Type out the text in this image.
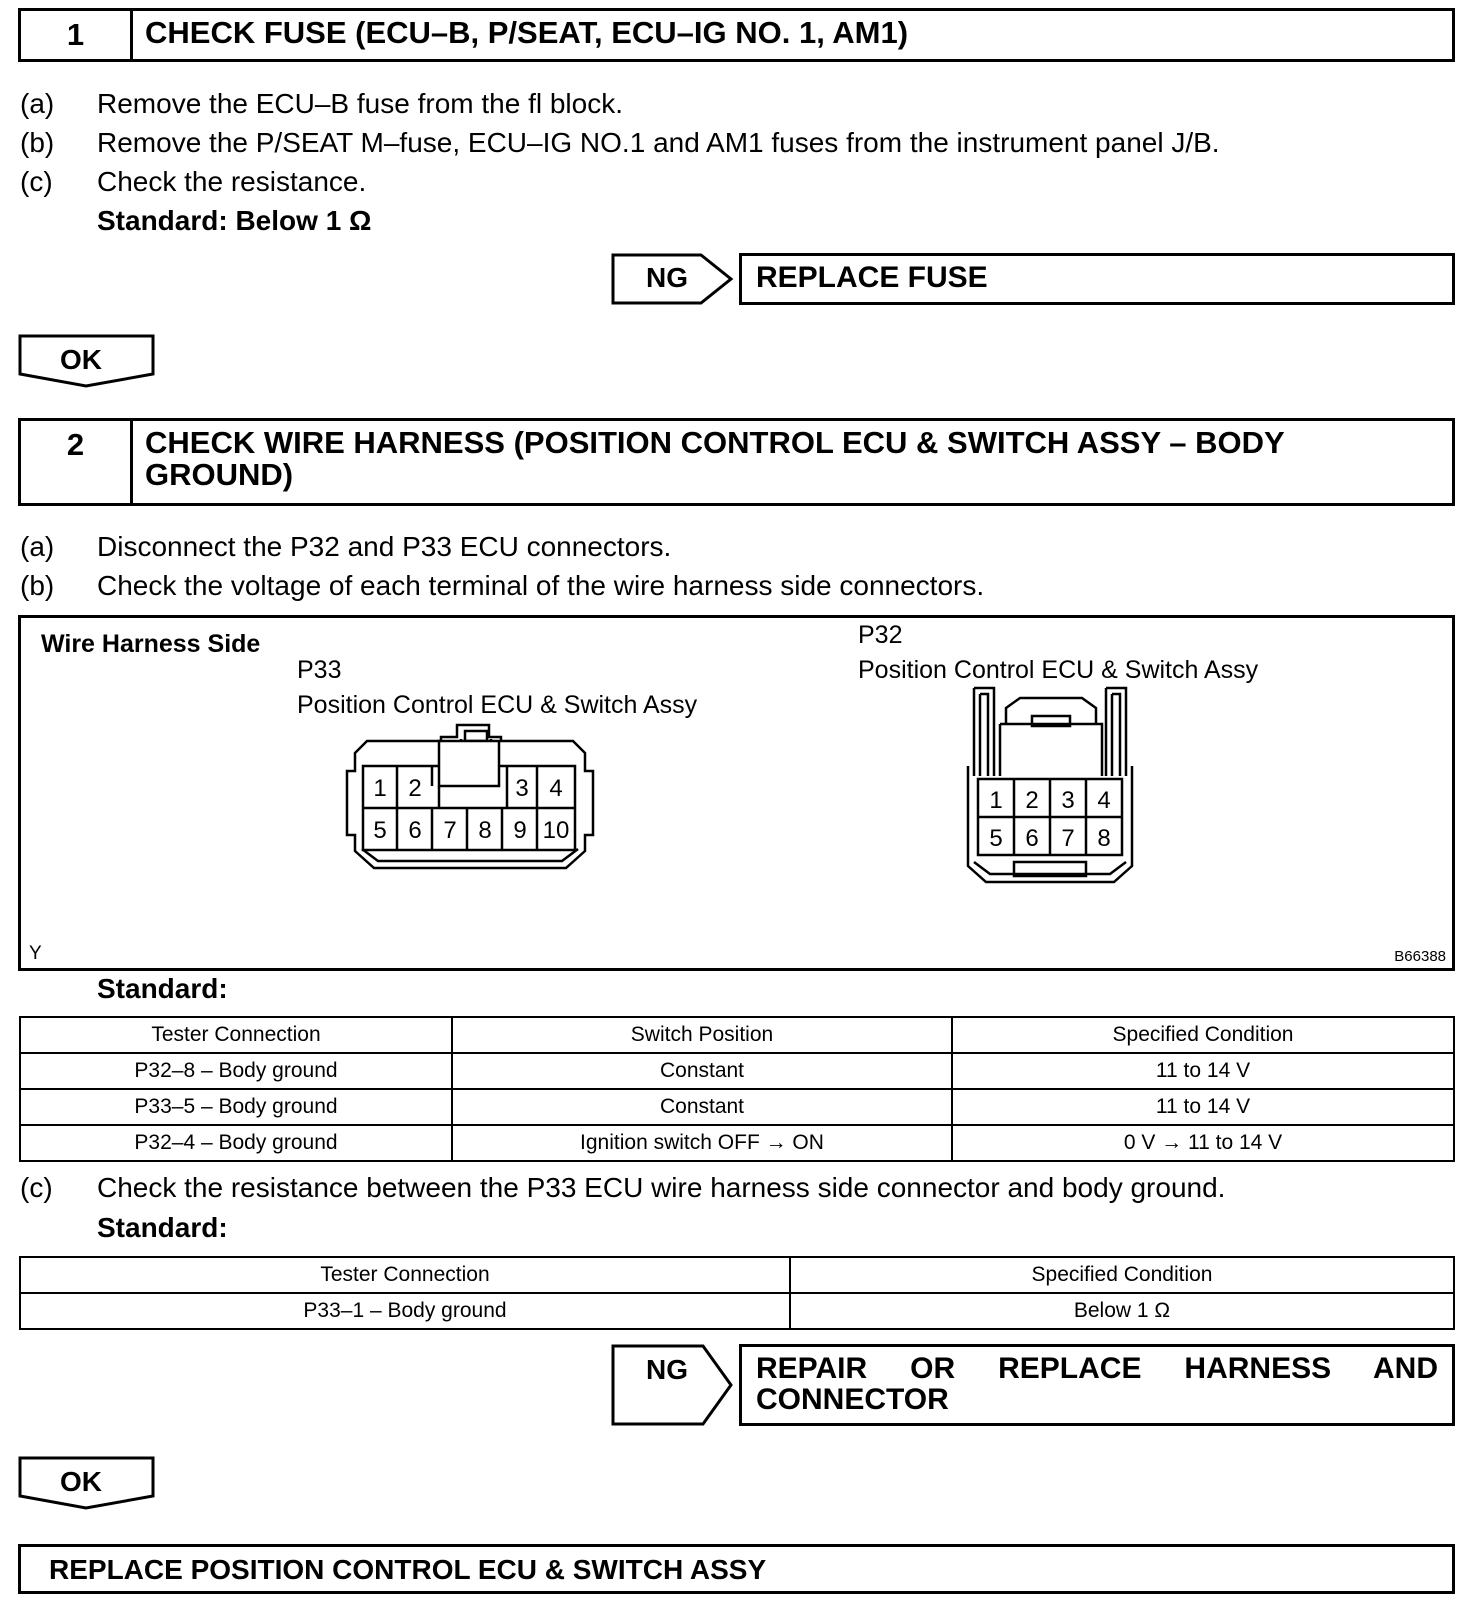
1	CHECK FUSE (ECU–B, P/SEAT, ECU–IG NO. 1, AM1)
(a) Remove the ECU–B fuse from the fl block.
(b) Remove the P/SEAT M–fuse, ECU–IG NO.1 and AM1 fuses from the instrument panel J/B.
(c) Check the resistance.
Standard: Below 1 Ω
NG	REPLACE FUSE
OK
2	CHECK WIRE HARNESS (POSITION CONTROL ECU & SWITCH ASSY – BODY GROUND)
(a) Disconnect the P32 and P33 ECU connectors.
(b) Check the voltage of each terminal of the wire harness side connectors.
Wire Harness Side
P33
Position Control ECU & Switch Assy
P32
Position Control ECU & Switch Assy
Y	B66388
1 2	3 4
5 6 7 8 9 10
1 2 3 4
5 6 7 8
Standard:
Tester Connection	Switch Position	Specified Condition
P32–8 – Body ground	Constant	11 to 14 V
P33–5 – Body ground	Constant	11 to 14 V
P32–4 – Body ground	Ignition switch OFF → ON	0 V → 11 to 14 V
(c) Check the resistance between the P33 ECU wire harness side connector and body ground.
Standard:
Tester Connection	Specified Condition
P33–1 – Body ground	Below 1 Ω
NG REPAIR OR REPLACE HARNESS AND
CONNECTOR
OK
REPLACE POSITION CONTROL ECU & SWITCH ASSY
